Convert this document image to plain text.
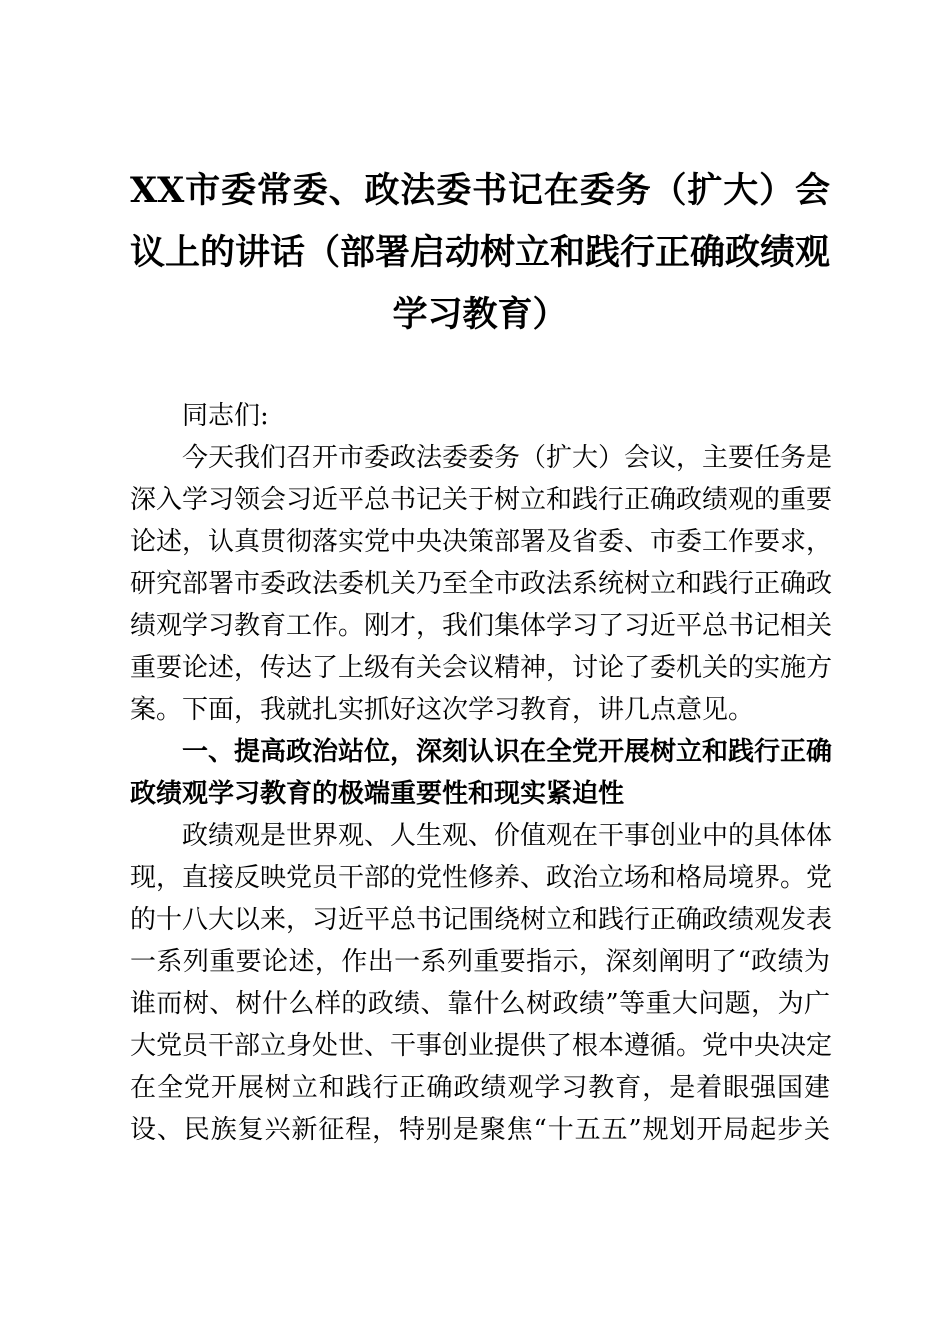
XX市委常委、政法委书记在委务（扩大）会
议上的讲话（部署启动树立和践行正确政绩观
学习教育）
同志们:
今天我们召开市委政法委委务（扩大）会议，主要任务是
深入学习领会习近平总书记关于树立和践行正确政绩观的重要
论述，认真贯彻落实党中央决策部署及省委、市委工作要求，
研究部署市委政法委机关乃至全市政法系统树立和践行正确政
绩观学习教育工作。刚才，我们集体学习了习近平总书记相关
重要论述，传达了上级有关会议精神，讨论了委机关的实施方
案。下面，我就扎实抓好这次学习教育，讲几点意见。
一、提高政治站位，深刻认识在全党开展树立和践行正确
政绩观学习教育的极端重要性和现实紧迫性
政绩观是世界观、人生观、价值观在干事创业中的具体体
现，直接反映党员干部的党性修养、政治立场和格局境界。党
的十八大以来，习近平总书记围绕树立和践行正确政绩观发表
一系列重要论述，作出一系列重要指示，深刻阐明了“政绩为
谁而树、树什么样的政绩、靠什么树政绩”等重大问题，为广
大党员干部立身处世、干事创业提供了根本遵循。党中央决定
在全党开展树立和践行正确政绩观学习教育，是着眼强国建
设、民族复兴新征程，特别是聚焦“十五五”规划开局起步关
